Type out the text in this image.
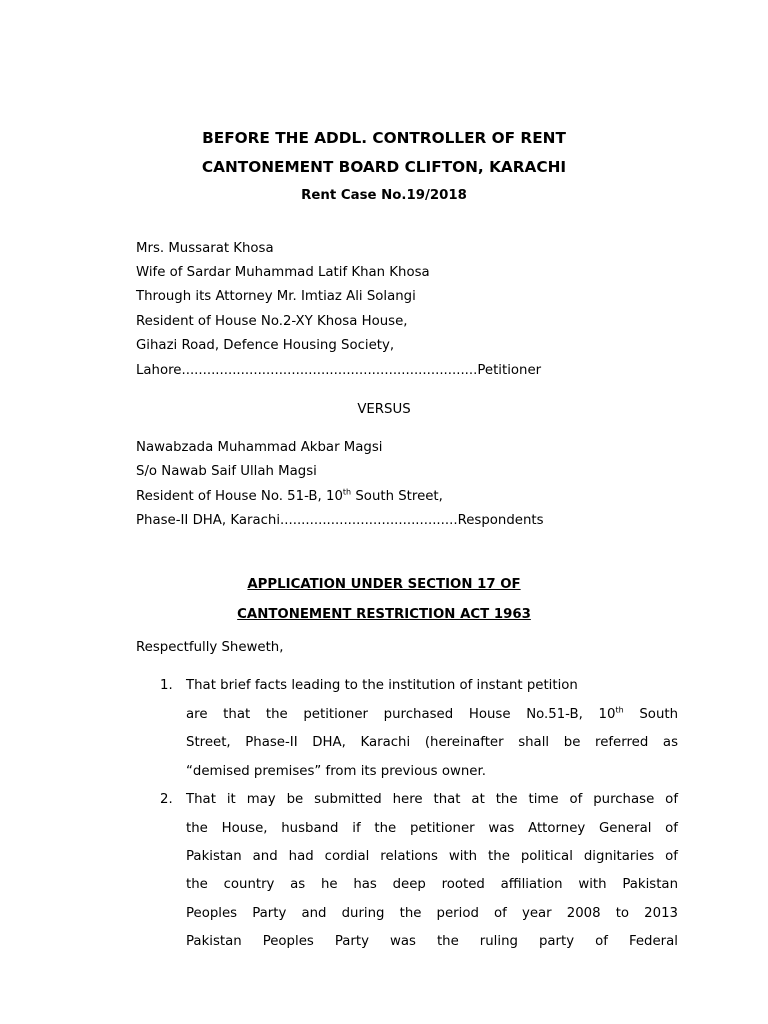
BEFORE THE ADDL. CONTROLLER OF RENT
CANTONEMENT BOARD CLIFTON, KARACHI
Rent Case No.19/2018
Mrs. Mussarat Khosa
Wife of Sardar Muhammad Latif Khan Khosa
Through its Attorney Mr. Imtiaz Ali Solangi
Resident of House No.2-XY Khosa House,
Gihazi Road, Defence Housing Society,
Lahore......................................................................Petitioner
VERSUS
Nawabzada Muhammad Akbar Magsi
S/o Nawab Saif Ullah Magsi
Resident of House No. 51-B, 10th South Street,
Phase-II DHA, Karachi..........................................Respondents
APPLICATION UNDER SECTION 17 OF
CANTONEMENT RESTRICTION ACT 1963
Respectfully Sheweth,
1. That brief facts leading to the institution of instant petition
are that the petitioner purchased House No.51-B, 10th South
Street, Phase-II DHA, Karachi (hereinafter shall be referred as
“demised premises” from its previous owner.
2. That it may be submitted here that at the time of purchase of
the House, husband if the petitioner was Attorney General of
Pakistan and had cordial relations with the political dignitaries of
the country as he has deep rooted affiliation with Pakistan
Peoples Party and during the period of year 2008 to 2013
Pakistan Peoples Party was the ruling party of Federal
